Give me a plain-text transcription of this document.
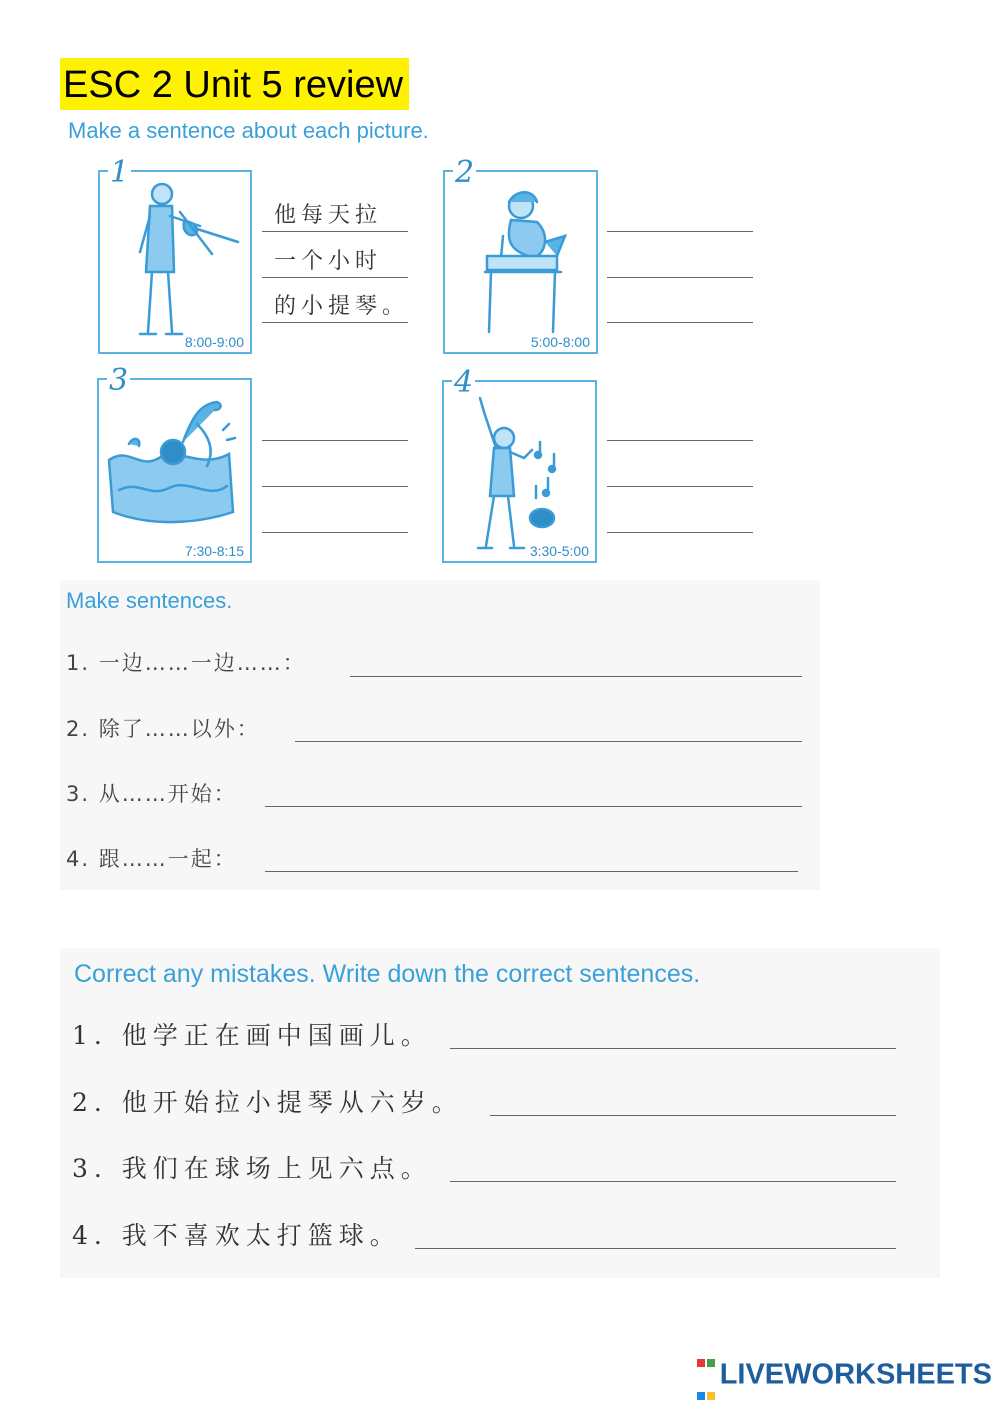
ESC 2 Unit 5 review
Make a sentence about each picture.
1
8:00-9:00
他每天拉
一个小时
的小提琴。
2
5:00-8:00
3
7:30-8:15
4
3:30-5:00
Make sentences.
1. 一边……一边……：
2. 除了……以外：
3. 从……开始：
4. 跟……一起：
Correct any mistakes. Write down the correct sentences.
1. 他学正在画中国画儿。
2. 他开始拉小提琴从六岁。
3. 我们在球场上见六点。
4. 我不喜欢太打篮球。

LIVEWORKSHEETS
